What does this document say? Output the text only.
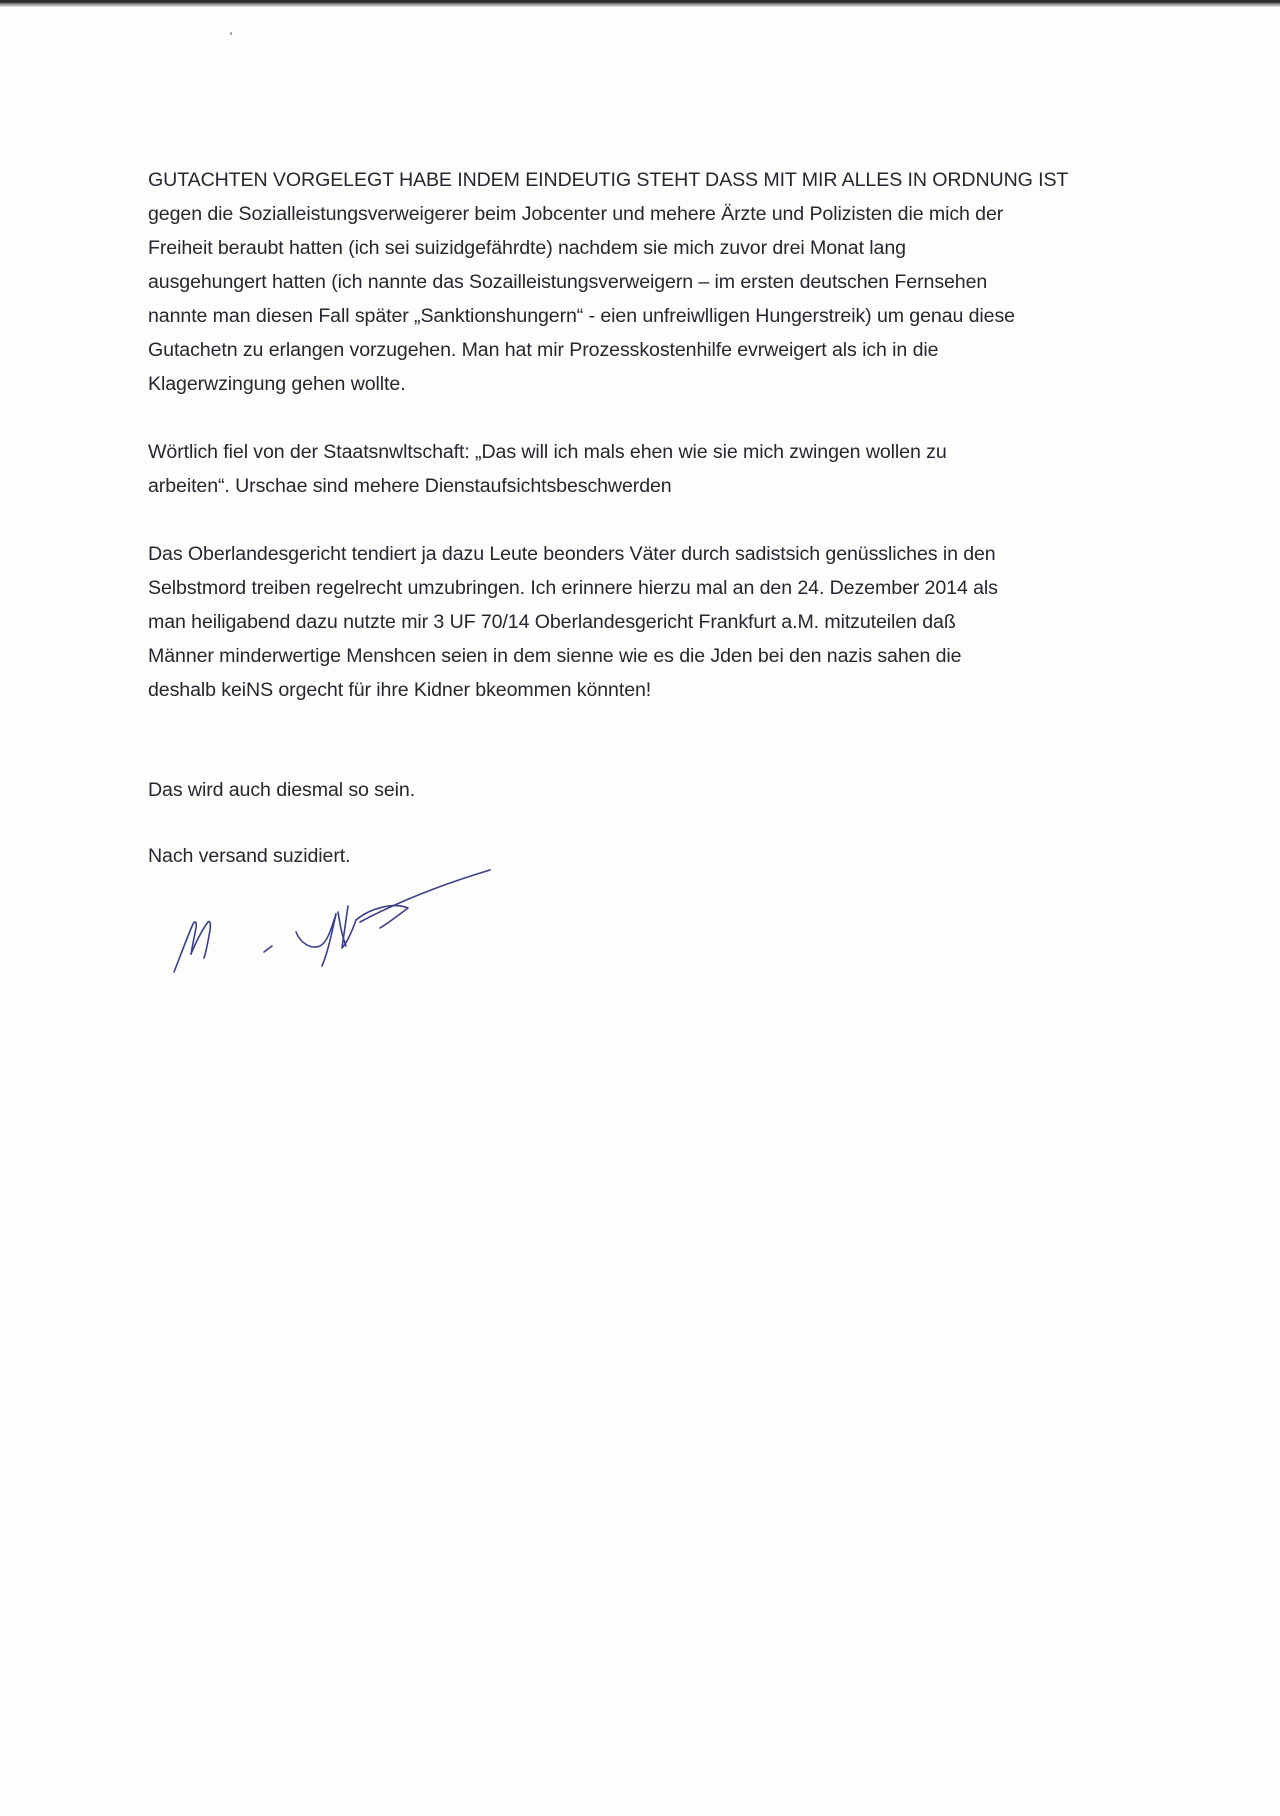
GUTACHTEN VORGELEGT HABE INDEM EINDEUTIG STEHT DASS MIT MIR ALLES IN ORDNUNG IST
gegen die Sozialleistungsverweigerer beim Jobcenter und mehere Ärzte und Polizisten die mich der
Freiheit beraubt hatten (ich sei suizidgefährdte) nachdem sie mich zuvor drei Monat lang
ausgehungert hatten (ich nannte das Sozailleistungsverweigern – im ersten deutschen Fernsehen
nannte man diesen Fall später „Sanktionshungern“ - eien unfreiwlligen Hungerstreik) um genau diese
Gutachetn zu erlangen vorzugehen. Man hat mir Prozesskostenhilfe evrweigert als ich in die
Klagerwzingung gehen wollte.

Wörtlich fiel von der Staatsnwltschaft: „Das will ich mals ehen wie sie mich zwingen wollen zu
arbeiten“. Urschae sind mehere Dienstaufsichtsbeschwerden

Das Oberlandesgericht tendiert ja dazu Leute beonders Väter durch sadistsich genüssliches in den
Selbstmord treiben regelrecht umzubringen. Ich erinnere hierzu mal an den 24. Dezember 2014 als
man heiligabend dazu nutzte mir 3 UF 70/14 Oberlandesgericht Frankfurt a.M. mitzuteilen daß
Männer minderwertige Menshcen seien in dem sienne wie es die Jden bei den nazis sahen die
deshalb keiNS orgecht für ihre Kidner bkeommen könnten!

Das wird auch diesmal so sein.

Nach versand suzidiert.
